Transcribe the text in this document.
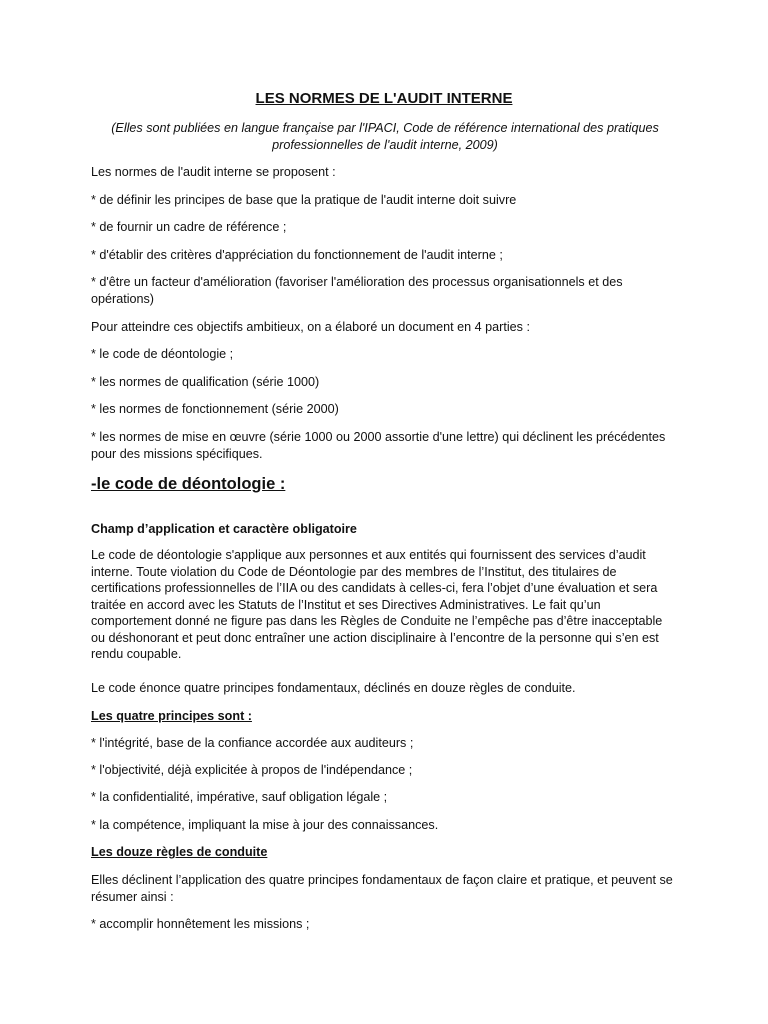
LES NORMES DE L'AUDIT INTERNE

(Elles sont publiées en langue française par l'IPACI, Code de référence international des pratiques professionnelles de l'audit interne, 2009)

Les normes de l'audit interne se proposent :

* de définir les principes de base que la pratique de l'audit interne doit suivre

* de fournir un cadre de référence ;

* d'établir des critères d'appréciation du fonctionnement de l'audit interne ;

* d'être un facteur d'amélioration (favoriser l'amélioration des processus organisationnels et des opérations)

Pour atteindre ces objectifs ambitieux, on a élaboré un document en 4 parties :

* le code de déontologie ;

* les normes de qualification (série 1000)

* les normes de fonctionnement (série 2000)

* les normes de mise en œuvre (série 1000 ou 2000 assortie d'une lettre) qui déclinent les précédentes pour des missions spécifiques.

-le code de déontologie :

Champ d’application et caractère obligatoire

Le code de déontologie s'applique aux personnes et aux entités qui fournissent des services d’audit interne. Toute violation du Code de Déontologie par des membres de l’Institut, des titulaires de certifications professionnelles de l’IIA ou des candidats à celles-ci, fera l’objet d’une évaluation et sera traitée en accord avec les Statuts de l’Institut et ses Directives Administratives. Le fait qu’un comportement donné ne figure pas dans les Règles de Conduite ne l’empêche pas d’être inacceptable ou déshonorant et peut donc entraîner une action disciplinaire à l’encontre de la personne qui s’en est rendu coupable.

Le code énonce quatre principes fondamentaux, déclinés en douze règles de conduite.

Les quatre principes sont :

* l'intégrité, base de la confiance accordée aux auditeurs ;

* l'objectivité, déjà explicitée à propos de l'indépendance ;

* la confidentialité, impérative, sauf obligation légale ;

* la compétence, impliquant la mise à jour des connaissances.

Les douze règles de conduite

Elles déclinent l’application des quatre principes fondamentaux de façon claire et pratique, et peuvent se résumer ainsi :

* accomplir honnêtement les missions ;
